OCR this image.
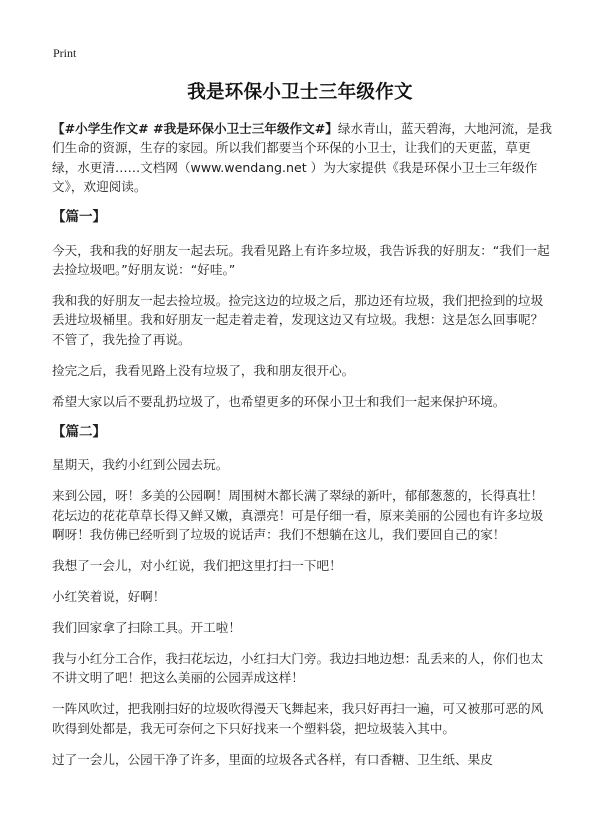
Print
我是环保小卫士三年级作文

【#小学生作文# #我是环保小卫士三年级作文#】绿水青山，蓝天碧海，大地河流，是我们生命的资源，生存的家园。所以我们都要当个环保的小卫士，让我们的天更蓝，草更绿，水更清……文档网（www.wendang.net ）为大家提供《我是环保小卫士三年级作文》，欢迎阅读。

【篇一】

今天，我和我的好朋友一起去玩。我看见路上有许多垃圾，我告诉我的好朋友：“我们一起去捡垃圾吧。”好朋友说：“好哇。”

我和我的好朋友一起去捡垃圾。捡完这边的垃圾之后，那边还有垃圾，我们把捡到的垃圾丢进垃圾桶里。我和好朋友一起走着走着，发现这边又有垃圾。我想：这是怎么回事呢？不管了，我先捡了再说。

捡完之后，我看见路上没有垃圾了，我和朋友很开心。

希望大家以后不要乱扔垃圾了，也希望更多的环保小卫士和我们一起来保护环境。

【篇二】

星期天，我约小红到公园去玩。

来到公园，呀！多美的公园啊！周围树木都长满了翠绿的新叶，郁郁葱葱的，长得真壮！花坛边的花花草草长得又鲜又嫩，真漂亮！可是仔细一看，原来美丽的公园也有许多垃圾啊呀！我仿佛已经听到了垃圾的说话声：我们不想躺在这儿，我们要回自己的家！

我想了一会儿，对小红说，我们把这里打扫一下吧！

小红笑着说，好啊！

我们回家拿了扫除工具。开工啦！

我与小红分工合作，我扫花坛边，小红扫大门旁。我边扫地边想：乱丢来的人，你们也太不讲文明了吧！把这么美丽的公园弄成这样！

一阵风吹过，把我刚扫好的垃圾吹得漫天飞舞起来，我只好再扫一遍，可又被那可恶的风吹得到处都是，我无可奈何之下只好找来一个塑料袋，把垃圾装入其中。

过了一会儿，公园干净了许多，里面的垃圾各式各样，有口香糖、卫生纸、果皮
